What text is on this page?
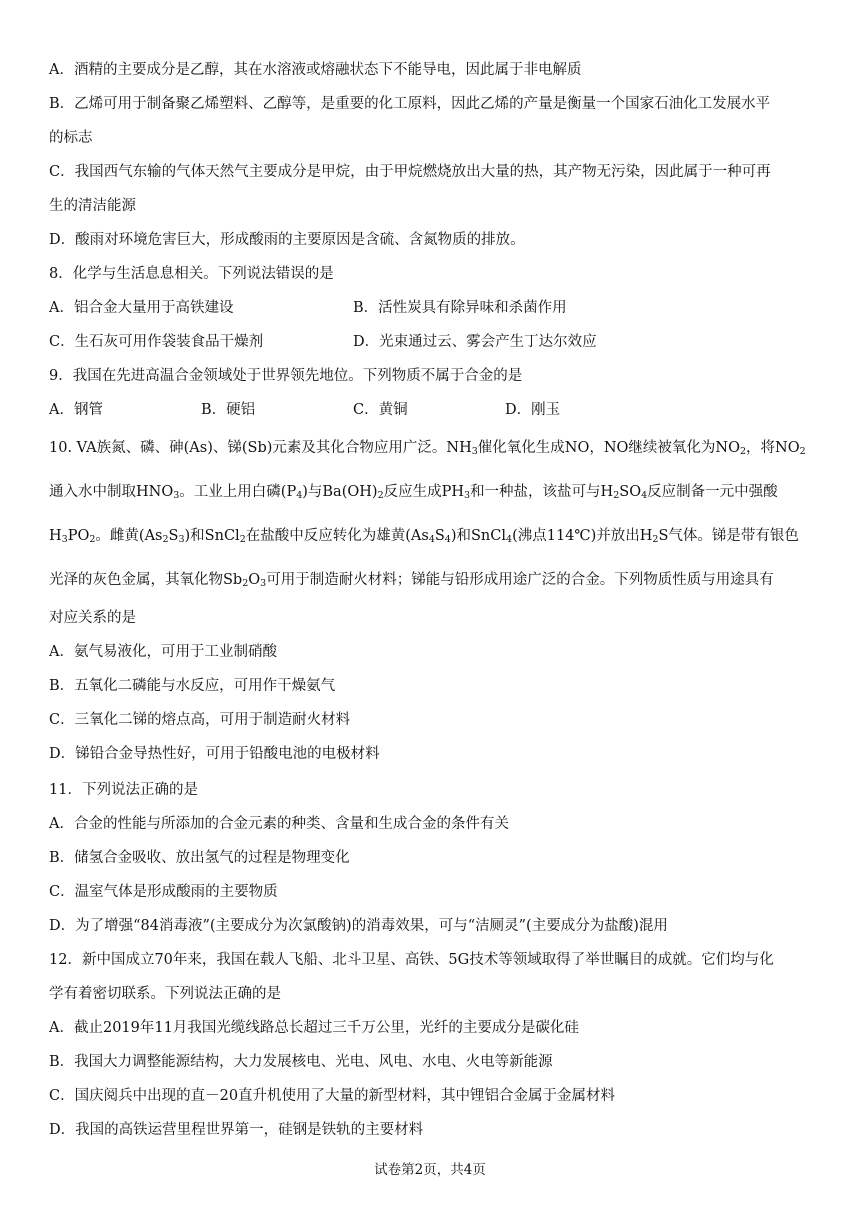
A．酒精的主要成分是乙醇，其在水溶液或熔融状态下不能导电，因此属于非电解质
B．乙烯可用于制备聚乙烯塑料、乙醇等，是重要的化工原料，因此乙烯的产量是衡量一个国家石油化工发展水平
的标志
C．我国西气东输的气体天然气主要成分是甲烷，由于甲烷燃烧放出大量的热，其产物无污染，因此属于一种可再
生的清洁能源
D．酸雨对环境危害巨大，形成酸雨的主要原因是含硫、含氮物质的排放。
8．化学与生活息息相关。下列说法错误的是
A．铝合金大量用于高铁建设	B．活性炭具有除异味和杀菌作用
C．生石灰可用作袋装食品干燥剂	D．光束通过云、雾会产生丁达尔效应
9．我国在先进高温合金领域处于世界领先地位。下列物质不属于合金的是
A．钢管	B．硬铝	C．黄铜	D．刚玉
10. VA族氮、磷、砷(As)、锑(Sb)元素及其化合物应用广泛。$NH_3$催化氧化生成NO，NO继续被氧化为$NO_2$，将$NO_2$
通入水中制取$HNO_3$。工业上用白磷$(P_4)$与$Ba(OH)_2$反应生成$PH_3$和一种盐，该盐可与$H_2SO_4$反应制备一元中强酸
$H_3PO_2$。雌黄$(As_2S_3)$和SnCl$_2$在盐酸中反应转化为雄黄$(As_4S_4)$和SnCl$_4$(沸点114℃)并放出$H_2S$气体。锑是带有银色
光泽的灰色金属，其氧化物$Sb_2O_3$可用于制造耐火材料；锑能与铅形成用途广泛的合金。下列物质性质与用途具有
对应关系的是
A．氨气易液化，可用于工业制硝酸
B．五氧化二磷能与水反应，可用作干燥氨气
C．三氧化二锑的熔点高，可用于制造耐火材料
D．锑铅合金导热性好，可用于铅酸电池的电极材料
11．下列说法正确的是
A．合金的性能与所添加的合金元素的种类、含量和生成合金的条件有关
B．储氢合金吸收、放出氢气的过程是物理变化
C．温室气体是形成酸雨的主要物质
D．为了增强“84消毒液”(主要成分为次氯酸钠)的消毒效果，可与“洁厕灵”(主要成分为盐酸)混用
12．新中国成立70年来，我国在载人飞船、北斗卫星、高铁、5G技术等领域取得了举世瞩目的成就。它们均与化
学有着密切联系。下列说法正确的是
A．截止2019年11月我国光缆线路总长超过三千万公里，光纤的主要成分是碳化硅
B．我国大力调整能源结构，大力发展核电、光电、风电、水电、火电等新能源
C．国庆阅兵中出现的直－20直升机使用了大量的新型材料，其中锂铝合金属于金属材料
D．我国的高铁运营里程世界第一，硅钢是铁轨的主要材料
试卷第2页，共4页
